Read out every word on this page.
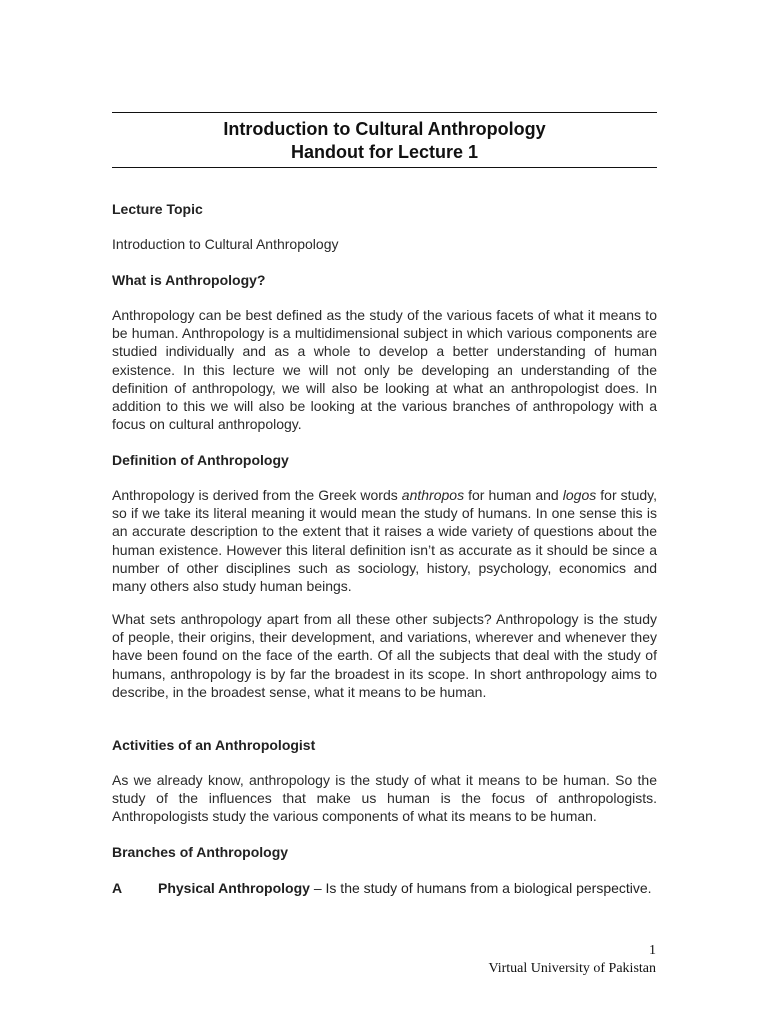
Introduction to Cultural Anthropology
Handout for Lecture 1
Lecture Topic
Introduction to Cultural Anthropology
What is Anthropology?
Anthropology can be best defined as the study of the various facets of what it means to be human. Anthropology is a multidimensional subject in which various components are studied individually and as a whole to develop a better understanding of human existence. In this lecture we will not only be developing an understanding of the definition of anthropology, we will also be looking at what an anthropologist does. In addition to this we will also be looking at the various branches of anthropology with a focus on cultural anthropology.
Definition of Anthropology
Anthropology is derived from the Greek words anthropos for human and logos for study, so if we take its literal meaning it would mean the study of humans. In one sense this is an accurate description to the extent that it raises a wide variety of questions about the human existence. However this literal definition isn’t as accurate as it should be since a number of other disciplines such as sociology, history, psychology, economics and many others also study human beings.
What sets anthropology apart from all these other subjects? Anthropology is the study of people, their origins, their development, and variations, wherever and whenever they have been found on the face of the earth. Of all the subjects that deal with the study of humans, anthropology is by far the broadest in its scope. In short anthropology aims to describe, in the broadest sense, what it means to be human.
Activities of an Anthropologist
As we already know, anthropology is the study of what it means to be human. So the study of the influences that make us human is the focus of anthropologists. Anthropologists study the various components of what its means to be human.
Branches of Anthropology
A	Physical Anthropology – Is the study of humans from a biological perspective.
1
Virtual University of Pakistan
